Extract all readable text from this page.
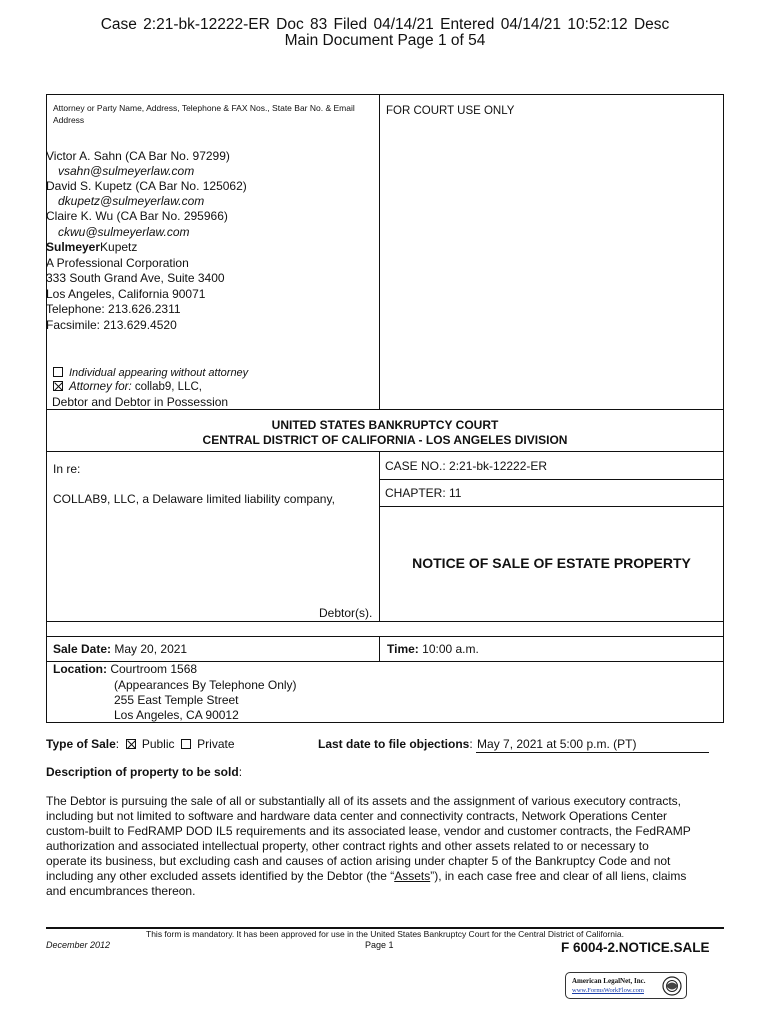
Case 2:21-bk-12222-ER Doc 83 Filed 04/14/21 Entered 04/14/21 10:52:12 Desc
Main Document Page 1 of 54
Attorney or Party Name, Address, Telephone & FAX Nos., State Bar No. & Email Address
FOR COURT USE ONLY
Victor A. Sahn (CA Bar No. 97299)
vsahn@sulmeyerlaw.com
David S. Kupetz (CA Bar No. 125062)
dkupetz@sulmeyerlaw.com
Claire K. Wu (CA Bar No. 295966)
ckwu@sulmeyerlaw.com
SulmeyerKupetz
A Professional Corporation
333 South Grand Ave, Suite 3400
Los Angeles, California 90071
Telephone: 213.626.2311
Facsimile: 213.629.4520
Individual appearing without attorney
Attorney for: collab9, LLC,
Debtor and Debtor in Possession
UNITED STATES BANKRUPTCY COURT
CENTRAL DISTRICT OF CALIFORNIA - LOS ANGELES DIVISION
In re:
COLLAB9, LLC, a Delaware limited liability company,
Debtor(s).
CASE NO.: 2:21-bk-12222-ER
CHAPTER: 11
NOTICE OF SALE OF ESTATE PROPERTY
Sale Date: May 20, 2021	Time: 10:00 a.m.
Location: Courtroom 1568
(Appearances By Telephone Only)
255 East Temple Street
Los Angeles, CA 90012
Type of Sale:  Public Private	Last date to file objections: May 7, 2021 at 5:00 p.m. (PT)
Description of property to be sold:
The Debtor is pursuing the sale of all or substantially all of its assets and the assignment of various executory contracts,
including but not limited to software and hardware data center and connectivity contracts, Network Operations Center
custom-built to FedRAMP DOD IL5 requirements and its associated lease, vendor and customer contracts, the FedRAMP
authorization and associated intellectual property, other contract rights and other assets related to or necessary to
operate its business, but excluding cash and causes of action arising under chapter 5 of the Bankruptcy Code and not
including any other excluded assets identified by the Debtor (the “Assets”), in each case free and clear of all liens, claims
and encumbrances thereon.
This form is mandatory. It has been approved for use in the United States Bankruptcy Court for the Central District of California.
December 2012	Page 1	F 6004-2.NOTICE.SALE
American LegalNet, Inc.
www.FormsWorkFlow.com
